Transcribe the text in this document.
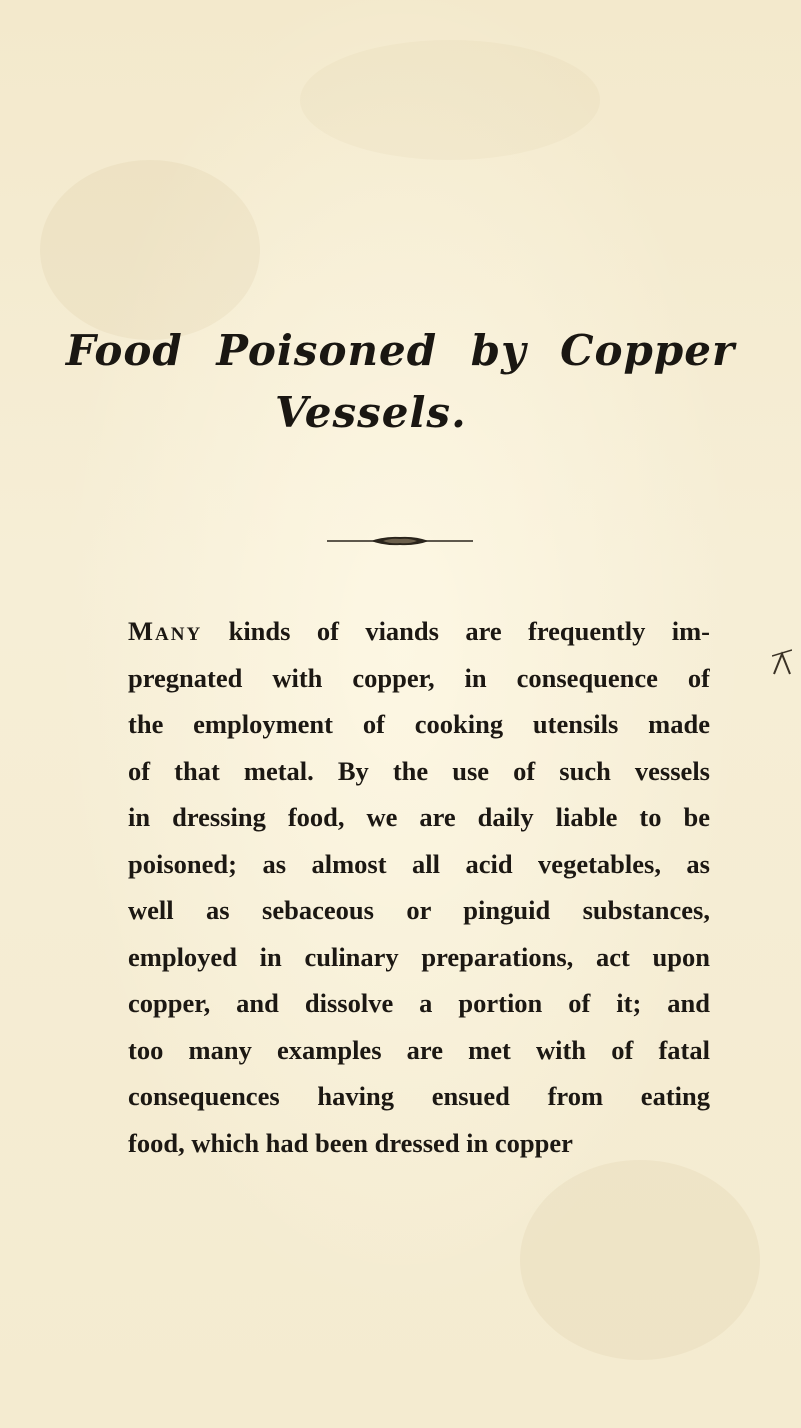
Food Poisoned by Copper
Vessels.
Many kinds of viands are frequently im-
pregnated with copper, in consequence of
the employment of cooking utensils made
of that metal. By the use of such vessels
in dressing food, we are daily liable to be
poisoned; as almost all acid vegetables, as
well as sebaceous or pinguid substances,
employed in culinary preparations, act upon
copper, and dissolve a portion of it; and
too many examples are met with of fatal
consequences having ensued from eating
food, which had been dressed in copper
